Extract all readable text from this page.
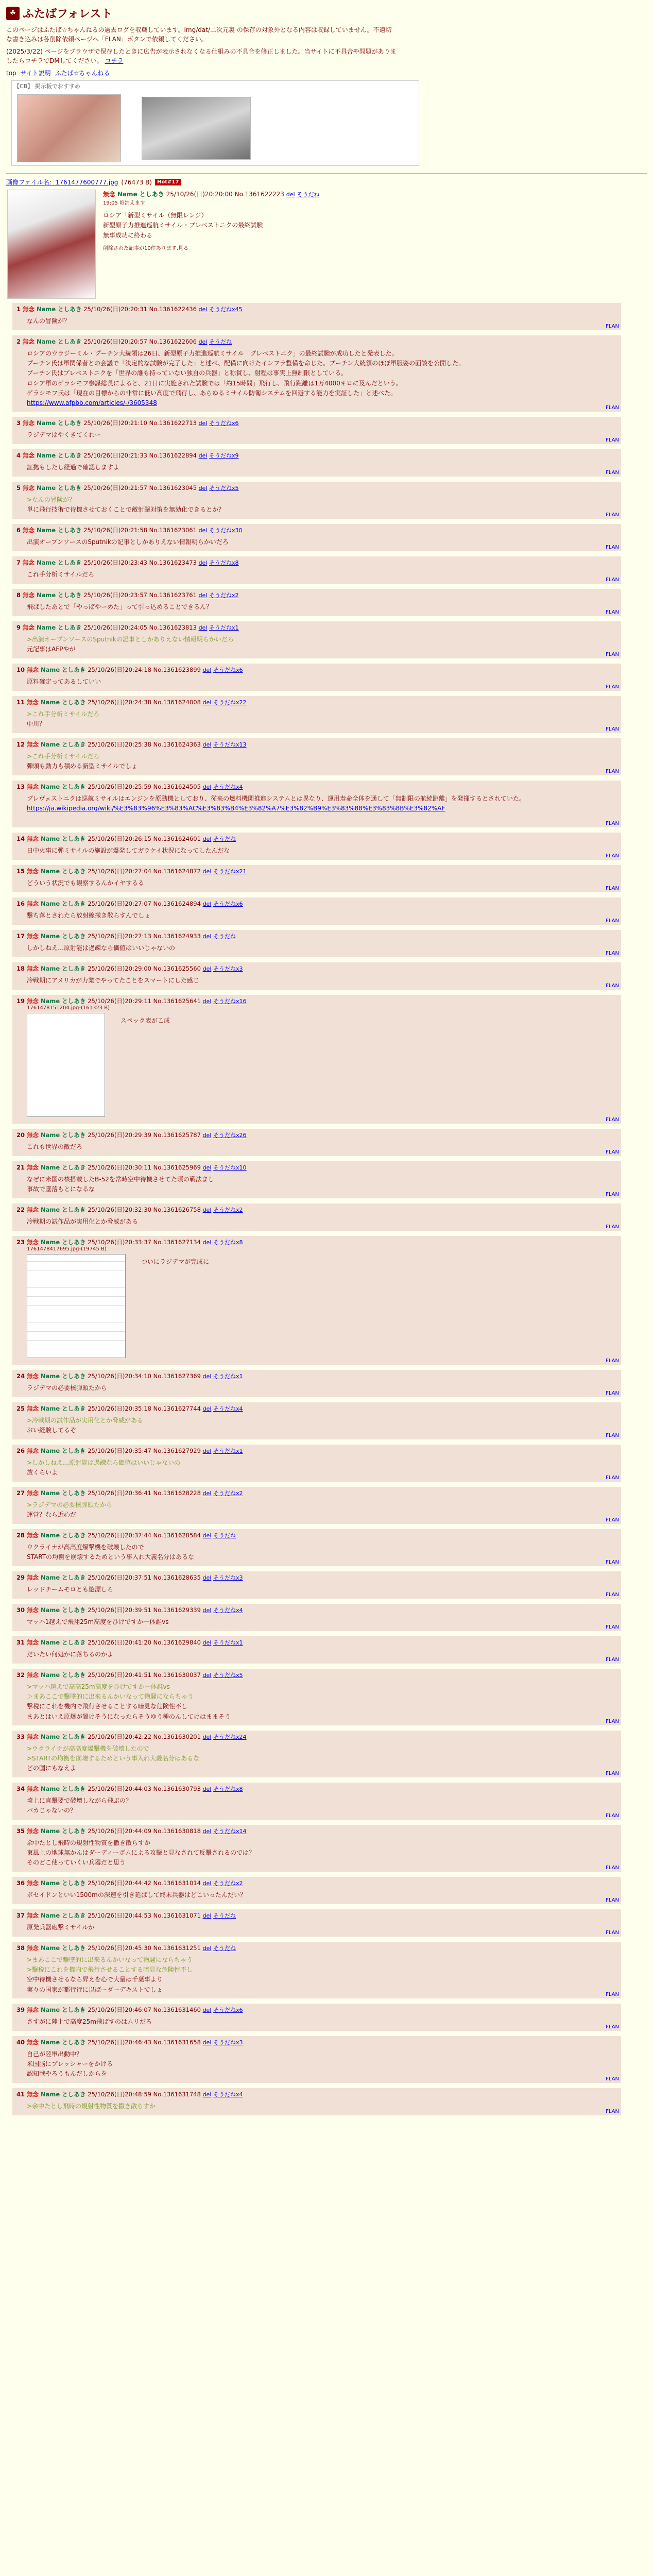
☘ ふたばフォレスト

このページはふたば☆ちゃんねるの過去ログを収蔵しています。img/dat/二次元裏 の保存の対象外となる内容は収録していません。不適切な書き込みは各削除依頼ページへ「FLAN」ボタンで依頼してください。

(2025/3/22) ページをブラウザで保存したときに広告が表示されなくなる仕組みの不具合を修正しました。当サイトに不具合や問題がありましたらコチラでDMしてください。 コチラ

top サイト説明 ふたば☆ちゃんねる
【CB】 掲示板でおすすめ
画像ファイル名：1761477600777.jpg (76473 B)	Hot#17
無念 Name としあき 25/10/26(日)20:20:00 No.1361622223 del そうだね
19:05 頃消えます
ロシア「新型ミサイル（無限レンジ）
新型原子力推進巡航ミサイル・ブレベストニクの最終試験
無事成功に終わる
削除された記事が10件あります.見る
1 無念 Name としあき 25/10/26(日)20:20:31 No.1361622436 del そうだねx45
なんの冒険が？
FLAN
2 無念 Name としあき 25/10/26(日)20:20:57 No.1361622606 del そうだね
ロシアのウラジーミル・プーチン大統領は26日、新型原子力推進巡航ミサイル「ブレベストニク」の最終試験が成功したと発表した。
プーチン氏は軍関係者との会議で「決定的な試験が完了した」と述べ、配備に向けたインフラ整備を命じた。プーチン大統領のほぼ軍服姿の面談を公開した。
プーチン氏はブレベストニクを「世界の誰も持っていない独自の兵器」と称賛し、射程は事実上無制限としている。
ロシア軍のゲラシモフ参謀総長によると、21日に実施された試験では「約15時間」飛行し、飛行距離は1万4000キロに及んだという。
ゲラシモフ氏は「現在の目標からの非常に低い高度で飛行し、あらゆるミサイル防衛システムを回避する能力を実証した」と述べた。
https://www.afpbb.com/articles/-/3605348
FLAN
3 無念 Name としあき 25/10/26(日)20:21:10 No.1361622713 del そうだねx6
ラジデマはやくきてくれー
FLAN
4 無念 Name としあき 25/10/26(日)20:21:33 No.1361622894 del そうだねx9
証拠もしたし経過で確認しますよ
FLAN
5 無念 Name としあき 25/10/26(日)20:21:57 No.1361623045 del そうだねx5
>なんの冒険が？
単に飛行技術で待機させておくことで敵射撃対策を無効化できるとか？
FLAN
6 無念 Name としあき 25/10/26(日)20:21:58 No.1361623061 del そうだねx30
出演オープンソースのSputnikの記事としかありえない情報明らかいだろ
FLAN
7 無念 Name としあき 25/10/26(日)20:23:43 No.1361623473 del そうだねx8
これ手分析ミサイルだろ
FLAN
8 無念 Name としあき 25/10/26(日)20:23:57 No.1361623761 del そうだねx2
飛ばしたあとで「やっぱやーめた」って引っ込めることできるん？
FLAN
9 無念 Name としあき 25/10/26(日)20:24:05 No.1361623813 del そうだねx1
>出演オープンソースのSputnikの記事としかありえない情報明らかいだろ
元記事はAFPやが
FLAN
10 無念 Name としあき 25/10/26(日)20:24:18 No.1361623899 del そうだねx6
原料確定ってあるしていい
FLAN
11 無念 Name としあき 25/10/26(日)20:24:38 No.1361624008 del そうだねx22
>これ手分析ミサイルだろ
中川？
FLAN
12 無念 Name としあき 25/10/26(日)20:25:38 No.1361624363 del そうだねx13
>これ手分析ミサイルだろ
弾頭も動力も積める新型ミサイルでしょ
FLAN
13 無念 Name としあき 25/10/26(日)20:25:59 No.1361624505 del そうだねx4
ブレヴェストニクは巡航ミサイルはエンジンを原動機としており、従来の燃料機関推進システムとは異なり、運用寿命全体を通して「無制限の航続距離」を発揮するとされていた。
https://ja.wikipedia.org/wiki/%E3%83%96%E3%83%AC%E3%83%B4%E3%82%A7%E3%82%B9%E3%83%88%E3%83%8B%E3%82%AF
FLAN
14 無念 Name としあき 25/10/26(日)20:26:15 No.1361624601 del そうだね
日中火事に弾ミサイルの施設が爆発してガラケイ状況になってしたんだな
FLAN
15 無念 Name としあき 25/10/26(日)20:27:04 No.1361624872 del そうだねx21
どういう状況でも観察するんかイヤするる
FLAN
16 無念 Name としあき 25/10/26(日)20:27:07 No.1361624894 del そうだねx6
撃ち落とされたら放射線撒き散らすんでしょ
FLAN
17 無念 Name としあき 25/10/26(日)20:27:13 No.1361624933 del そうだね
しかしねえ…原射能は過疎なら価値はいいじゃないの
FLAN
18 無念 Name としあき 25/10/26(日)20:29:00 No.1361625560 del そうだねx3
冷戦期にアメリカが力業でやってたことをスマートにした感じ
FLAN
19 無念 Name としあき 25/10/26(日)20:29:11 No.1361625641 del そうだねx16
1761478151204.jpg-(161323 B)
スペック表がこ成
FLAN
20 無念 Name としあき 25/10/26(日)20:29:39 No.1361625787 del そうだねx26
これも世界の敵だろ
FLAN
21 無念 Name としあき 25/10/26(日)20:30:11 No.1361625969 del そうだねx10
なぜに米国の核搭載したB-52を常時空中待機させてた頃の戦法まし
事故で墜落もとになるな
FLAN
22 無念 Name としあき 25/10/26(日)20:32:30 No.1361626758 del そうだねx2
冷戦期の試作品が実用化とか脅威がある
FLAN
23 無念 Name としあき 25/10/26(日)20:33:37 No.1361627134 del そうだねx8
1761478417695.jpg-(19745 B)
ついにラジデマが完成に
FLAN
24 無念 Name としあき 25/10/26(日)20:34:10 No.1361627369 del そうだねx1
ラジデマの必要核弾頭たから
FLAN
25 無念 Name としあき 25/10/26(日)20:35:18 No.1361627744 del そうだねx4
>冷戦期の試作品が実用化とか脅威がある
おい経験してるぞ
FLAN
26 無念 Name としあき 25/10/26(日)20:35:47 No.1361627929 del そうだねx1
>しかしねえ…原射能は過疎なら価値はいいじゃないの
放くらいよ
FLAN
27 無念 Name としあき 25/10/26(日)20:36:41 No.1361628228 del そうだねx2
>ラジデマの必要核弾頭たから
運営？なら近心だ
FLAN
28 無念 Name としあき 25/10/26(日)20:37:44 No.1361628584 del そうだね
ウクライナが高高度爆撃機を破壊したので
STARTの均衡を崩壊するためという事入れ大義名分はあるな
FLAN
29 無念 Name としあき 25/10/26(日)20:37:51 No.1361628635 del そうだねx3
レッドチームモロとも遊漂しろ
FLAN
30 無念 Name としあき 25/10/26(日)20:39:51 No.1361629339 del そうだねx4
マッハ1越えで飛翔25m高度をひけですか一体誰vs
FLAN
31 無念 Name としあき 25/10/26(日)20:41:20 No.1361629840 del そうだねx1
だいたい何処かに落ちるのかよ
FLAN
32 無念 Name としあき 25/10/26(日)20:41:51 No.1361630037 del そうだねx5
>マッハ越えで高高25m高度をひけですか一体誰vs
＞まあここで撃墜的に出来るんかいなって物騒にならちゃう
撃税にこれを機内で飛行させることする暗見な危険性不し
まあとはいえ原爆が置けそうになったらそうゆう種のんしてけはままそう
FLAN
33 無念 Name としあき 25/10/26(日)20:42:22 No.1361630201 del そうだねx24
>ウクライナが高高度爆撃機を破壊したので
>STARTの均衡を崩壊するためという事入れ大義名分はあるな
どの国にもなえよ
FLAN
34 無念 Name としあき 25/10/26(日)20:44:03 No.1361630793 del そうだねx8
埼上に直撃要で破壊しながら飛ぶの？
バカじゃないの？
FLAN
35 無念 Name としあき 25/10/26(日)20:44:09 No.1361630818 del そうだねx14
余中たとし飛時の規射性物質を撒き散らすか
東風上の地球無かんはダーディーボムによる攻撃と見なされて反撃されるのでは？
そのどこ使っていくい兵器だと思う
FLAN
36 無念 Name としあき 25/10/26(日)20:44:42 No.1361631014 del そうだねx2
ボセイドンといい1500mの深速を引き延ばして終末兵器はどこいったんだい？
FLAN
37 無念 Name としあき 25/10/26(日)20:44:53 No.1361631071 del そうだね
原発兵器砲撃ミサイルか
FLAN
38 無念 Name としあき 25/10/26(日)20:45:30 No.1361631251 del そうだね
>まあここで撃墜的に出来るんかいなって物騒にならちゃう
>撃税にこれを機内で飛行させることする暗見な危険性不し
空中待機させるなら昇えを心で大量は千葉事より
実りの国家が都行行に以ばーダーデキストでしょ
FLAN
39 無念 Name としあき 25/10/26(日)20:46:07 No.1361631460 del そうだねx6
さすがに陸上で高度25m飛ばすのはムリだろ
FLAN
40 無念 Name としあき 25/10/26(日)20:46:43 No.1361631658 del そうだねx3
自己が陸軍出動中？
米国脳にプレッシャーをかける
認知戦やろうもんだしからを
FLAN
41 無念 Name としあき 25/10/26(日)20:48:59 No.1361631748 del そうだねx4
>余中たとし飛時の規射性物質を撒き散らすか
FLAN
